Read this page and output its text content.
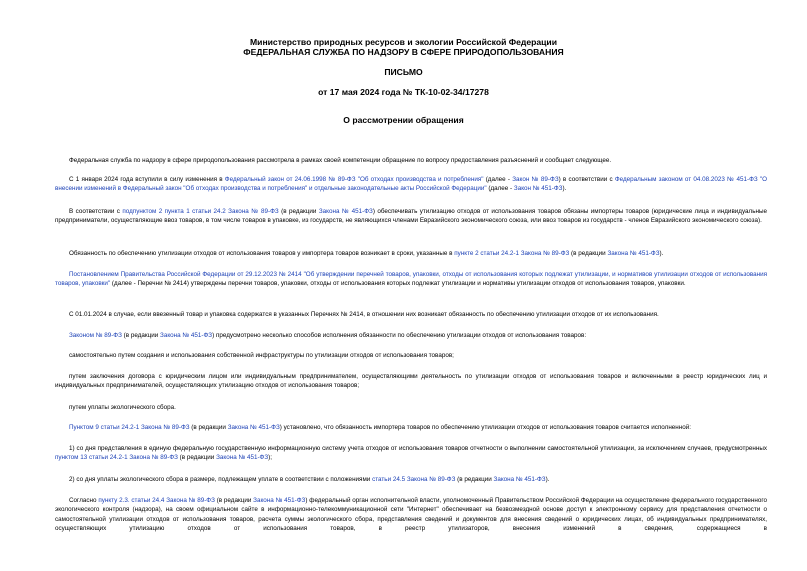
Министерство природных ресурсов и экологии Российской Федерации
ФЕДЕРАЛЬНАЯ СЛУЖБА ПО НАДЗОРУ В СФЕРЕ ПРИРОДОПОЛЬЗОВАНИЯ
ПИСЬМО
от 17 мая 2024 года № ТК-10-02-34/17278
О рассмотрении обращения
Федеральная служба по надзору в сфере природопользования рассмотрела в рамках своей компетенции обращение по вопросу предоставления разъяснений и сообщает следующее.
С 1 января 2024 года вступили в силу изменения в Федеральный закон от 24.06.1998 № 89-ФЗ "Об отходах производства и потребления" (далее - Закон № 89-ФЗ) в соответствии с Федеральным законом от 04.08.2023 № 451-ФЗ "О внесении изменений в Федеральный закон "Об отходах производства и потребления" и отдельные законодательные акты Российской Федерации" (далее - Закон № 451-ФЗ).
В соответствии с подпунктом 2 пункта 1 статьи 24.2 Закона № 89-ФЗ (в редакции Закона № 451-ФЗ) обеспечивать утилизацию отходов от использования товаров обязаны импортеры товаров (юридические лица и индивидуальные предприниматели, осуществляющие ввоз товаров, в том числе товаров в упаковке, из государств, не являющихся членами Евразийского экономического союза, или ввоз товаров из государств - членов Евразийского экономического союза).
Обязанность по обеспечению утилизации отходов от использования товаров у импортера товаров возникает в сроки, указанные в пункте 2 статьи 24.2-1 Закона № 89-ФЗ (в редакции Закона № 451-ФЗ).
Постановлением Правительства Российской Федерации от 29.12.2023 № 2414 "Об утверждении перечней товаров, упаковки, отходы от использования которых подлежат утилизации, и нормативов утилизации отходов от использования товаров, упаковки" (далее - Перечни № 2414) утверждены перечни товаров, упаковки, отходы от использования которых подлежат утилизации и нормативы утилизации отходов от использования товаров, упаковки.
С 01.01.2024 в случае, если ввезенный товар и упаковка содержатся в указанных Перечнях № 2414, в отношении них возникает обязанность по обеспечению утилизации отходов от их использования.
Законом № 89-ФЗ (в редакции Закона № 451-ФЗ) предусмотрено несколько способов исполнения обязанности по обеспечению утилизации отходов от использования товаров:
самостоятельно путем создания и использования собственной инфраструктуры по утилизации отходов от использования товаров;
путем заключения договора с юридическим лицом или индивидуальным предпринимателем, осуществляющими деятельность по утилизации отходов от использования товаров и включенными в реестр юридических лиц и индивидуальных предпринимателей, осуществляющих утилизацию отходов от использования товаров;
путем уплаты экологического сбора.
Пунктом 9 статьи 24.2-1 Закона № 89-ФЗ (в редакции Закона № 451-ФЗ) установлено, что обязанность импортера товаров по обеспечению утилизации отходов от использования товаров считается исполненной:
1) со дня представления в единую федеральную государственную информационную систему учета отходов от использования товаров отчетности о выполнении самостоятельной утилизации, за исключением случаев, предусмотренных пунктом 13 статьи 24.2-1 Закона № 89-ФЗ (в редакции Закона № 451-ФЗ);
2) со дня уплаты экологического сбора в размере, подлежащем уплате в соответствии с положениями статьи 24.5 Закона № 89-ФЗ (в редакции Закона № 451-ФЗ).
Согласно пункту 2.3. статьи 24.4 Закона № 89-ФЗ (в редакции Закона № 451-ФЗ) федеральный орган исполнительной власти, уполномоченный Правительством Российской Федерации на осуществление федерального государственного экологического контроля (надзора), на своем официальном сайте в информационно-телекоммуникационной сети "Интернет" обеспечивает на безвозмездной основе доступ к электронному сервису для представления отчетности о самостоятельной утилизации отходов от использования товаров, расчета суммы экологического сбора, представления сведений и документов для внесения сведений о юридических лицах, об индивидуальных предпринимателях, осуществляющих утилизацию отходов от использования товаров, в реестр утилизаторов, внесения изменений в сведения, содержащиеся в
